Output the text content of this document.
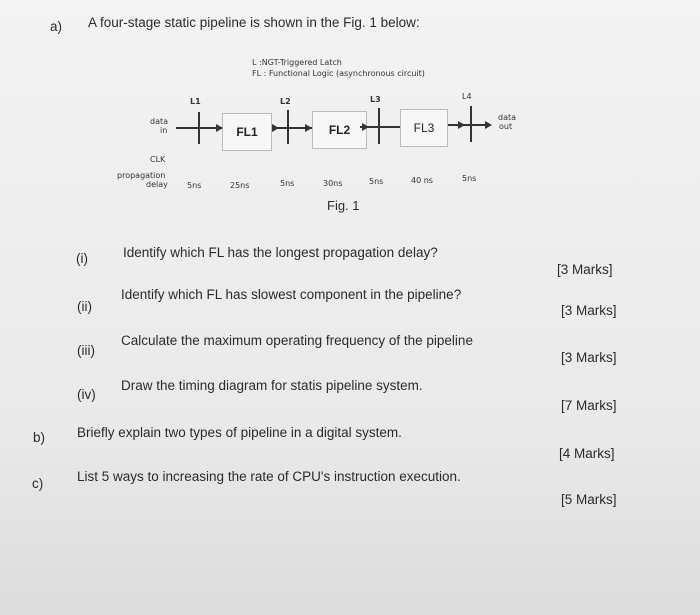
a) A four-stage static pipeline is shown in the Fig. 1 below:
L :NGT-Triggered Latch
FL : Functional Logic (asynchronous circuit)
L1	L2	L3	L4
data
in
data
out
FL1	FL2	FL3
CLK
propagation
delay 5ns	25ns	5ns	30ns	5ns	40 ns	5ns
Fig. 1
(i)	Identify which FL has the longest propagation delay?
[3 Marks]
(ii)
Identify which FL has slowest component in the pipeline?
[3 Marks]
(iii)
Calculate the maximum operating frequency of the pipeline
[3 Marks]
(iv)
Draw the timing diagram for statis pipeline system.
[7 Marks]
b) Briefly explain two types of pipeline in a digital system.
[4 Marks]
c)	List 5 ways to increasing the rate of CPU's instruction execution.
[5 Marks]
